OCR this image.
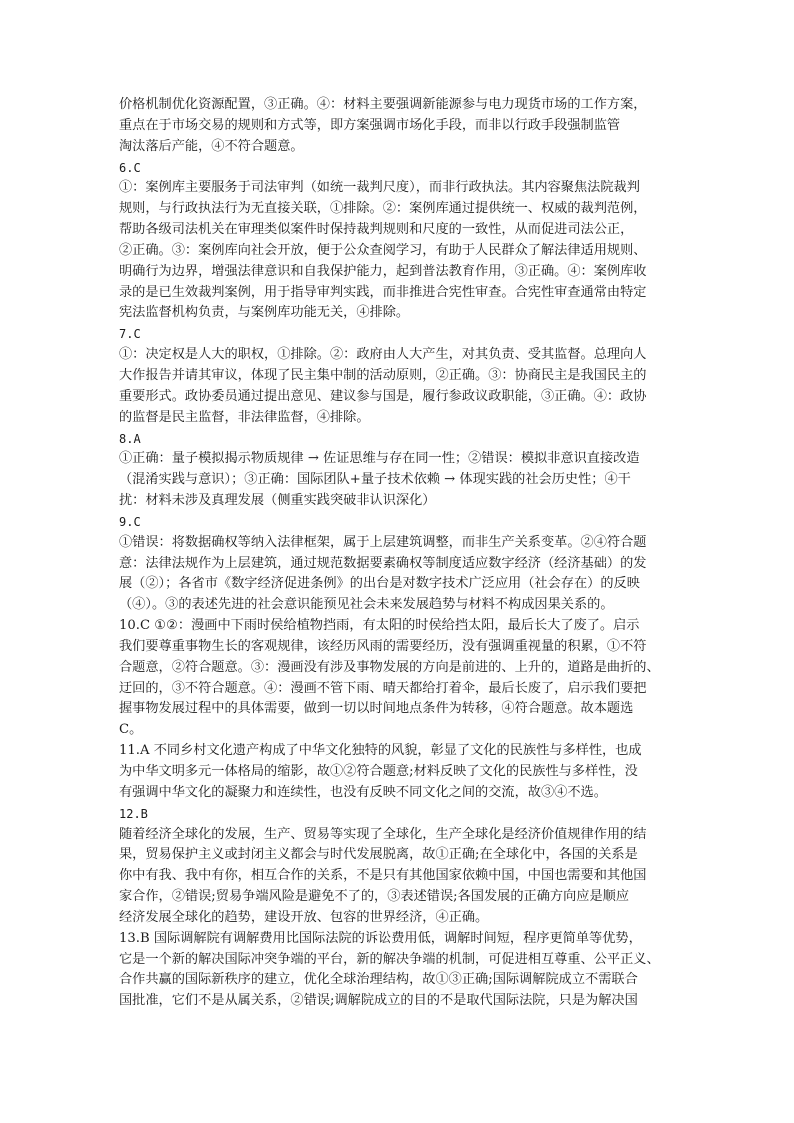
价格机制优化资源配置，③正确。④：材料主要强调新能源参与电力现货市场的工作方案，
重点在于市场交易的规则和方式等，即方案强调市场化手段，而非以行政手段强制监管
淘汰落后产能，④不符合题意。
6.C
①：案例库主要服务于司法审判（如统一裁判尺度），而非行政执法。其内容聚焦法院裁判
规则，与行政执法行为无直接关联，①排除。②：案例库通过提供统一、权威的裁判范例，
帮助各级司法机关在审理类似案件时保持裁判规则和尺度的一致性，从而促进司法公正，
②正确。③：案例库向社会开放，便于公众查阅学习，有助于人民群众了解法律适用规则、
明确行为边界，增强法律意识和自我保护能力，起到普法教育作用，③正确。④：案例库收
录的是已生效裁判案例，用于指导审判实践，而非推进合宪性审查。合宪性审查通常由特定
宪法监督机构负责，与案例库功能无关，④排除。
7.C
①：决定权是人大的职权，①排除。②：政府由人大产生，对其负责、受其监督。总理向人
大作报告并请其审议，体现了民主集中制的活动原则，②正确。③：协商民主是我国民主的
重要形式。政协委员通过提出意见、建议参与国是，履行参政议政职能，③正确。④：政协
的监督是民主监督，非法律监督，④排除。
8.A
①正确：量子模拟揭示物质规律 → 佐证思维与存在同一性；②错误：模拟非意识直接改造
（混淆实践与意识）；③正确：国际团队+量子技术依赖 → 体现实践的社会历史性；④干
扰：材料未涉及真理发展（侧重实践突破非认识深化）
9.C
①错误：将数据确权等纳入法律框架，属于上层建筑调整，而非生产关系变革。②④符合题
意：法律法规作为上层建筑，通过规范数据要素确权等制度适应数字经济（经济基础）的发
展（②）；各省市《数字经济促进条例》的出台是对数字技术广泛应用（社会存在）的反映
（④）。③的表述先进的社会意识能预见社会未来发展趋势与材料不构成因果关系的。
10.C ①②：漫画中下雨时侯给植物挡雨，有太阳的时侯给挡太阳，最后长大了废了。启示
我们要尊重事物生长的客观规律，该经历风雨的需要经历，没有强调重视量的积累，①不符
合题意，②符合题意。③：漫画没有涉及事物发展的方向是前进的、上升的，道路是曲折的、
迂回的，③不符合题意。④：漫画不管下雨、晴天都给打着伞，最后长废了，启示我们要把
握事物发展过程中的具体需要，做到一切以时间地点条件为转移，④符合题意。故本题选
C。
11.A 不同乡村文化遗产构成了中华文化独特的风貌，彰显了文化的民族性与多样性，也成
为中华文明多元一体格局的缩影，故①②符合题意;材料反映了文化的民族性与多样性，没
有强调中华文化的凝聚力和连续性，也没有反映不同文化之间的交流，故③④不选。
12.B
随着经济全球化的发展，生产、贸易等实现了全球化，生产全球化是经济价值规律作用的结
果，贸易保护主义或封闭主义都会与时代发展脱离，故①正确;在全球化中，各国的关系是
你中有我、我中有你，相互合作的关系，不是只有其他国家依赖中国，中国也需要和其他国
家合作，②错误;贸易争端风险是避免不了的，③表述错误;各国发展的正确方向应是顺应
经济发展全球化的趋势，建设开放、包容的世界经济，④正确。
13.B 国际调解院有调解费用比国际法院的诉讼费用低，调解时间短，程序更简单等优势，
它是一个新的解决国际冲突争端的平台，新的解决争端的机制，可促进相互尊重、公平正义、
合作共赢的国际新秩序的建立，优化全球治理结构，故①③正确;国际调解院成立不需联合
国批准，它们不是从属关系，②错误;调解院成立的目的不是取代国际法院，只是为解决国
